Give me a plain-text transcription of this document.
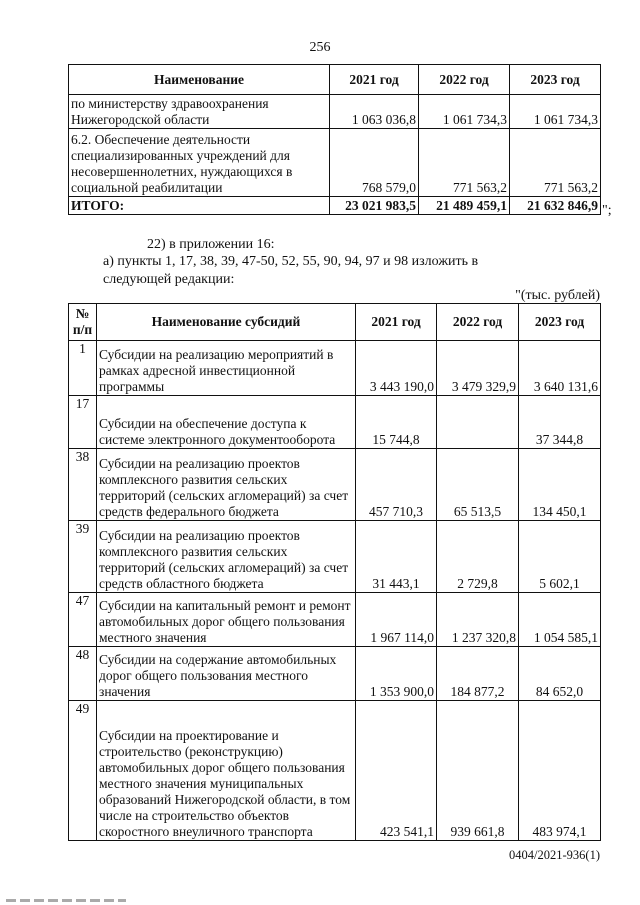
256
Наименование	2021 год	2022 год	2023 год
по министерству здравоохранения Нижегородской области	1 063 036,8	1 061 734,3	1 061 734,3
6.2. Обеспечение деятельности специализированных учреждений для несовершеннолетних, нуждающихся в социальной реабилитации	768 579,0	771 563,2	771 563,2
ИТОГО:	23 021 983,5	21 489 459,1	21 632 846,9 ";
22) в приложении 16:
а) пункты 1, 17, 38, 39, 47-50, 52, 55, 90, 94, 97 и 98 изложить в
следующей редакции:
"(тыс. рублей)
№ п/п	Наименование субсидий	2021 год	2022 год	2023 год
1	Субсидии на реализацию мероприятий в рамках адресной инвестиционной программы	3 443 190,0	3 479 329,9	3 640 131,6
17	Субсидии на обеспечение доступа к системе электронного документооборота	15 744,8		37 344,8
38	Субсидии на реализацию проектов комплексного развития сельских территорий (сельских агломераций) за счет средств федерального бюджета	457 710,3	65 513,5	134 450,1
39	Субсидии на реализацию проектов комплексного развития сельских территорий (сельских агломераций) за счет средств областного бюджета	31 443,1	2 729,8	5 602,1
47	Субсидии на капитальный ремонт и ремонт автомобильных дорог общего пользования местного значения	1 967 114,0	1 237 320,8	1 054 585,1
48	Субсидии на содержание автомобильных дорог общего пользования местного значения	1 353 900,0	184 877,2	84 652,0
49	Субсидии на проектирование и строительство (реконструкцию) автомобильных дорог общего пользования местного значения муниципальных образований Нижегородской области, в том числе на строительство объектов скоростного внеуличного транспорта	423 541,1	939 661,8	483 974,1
0404/2021-936(1)
